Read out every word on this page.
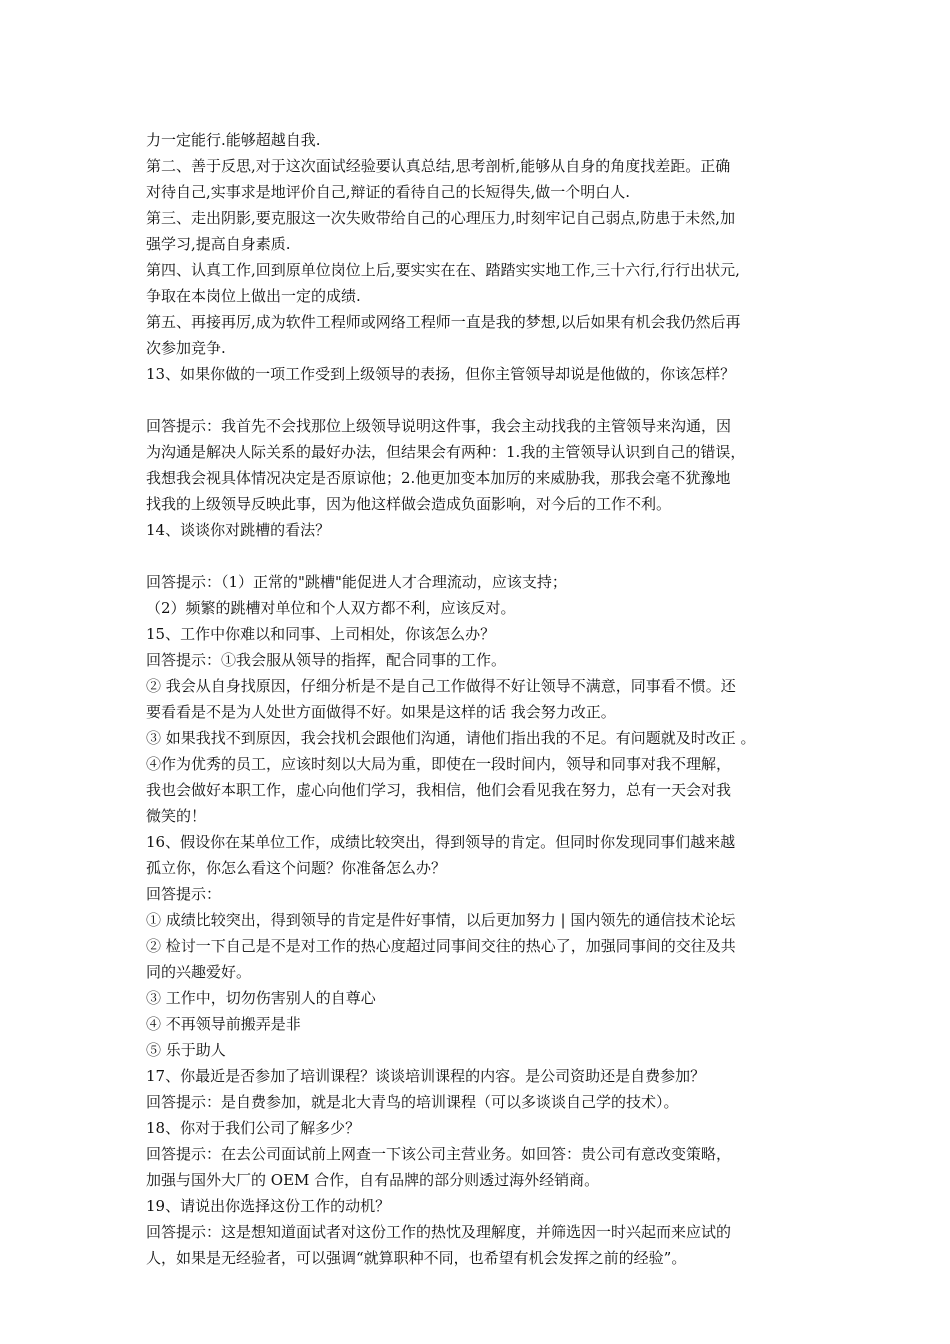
力一定能行.能够超越自我.
第二、善于反思,对于这次面试经验要认真总结,思考剖析,能够从自身的角度找差距。正确
对待自己,实事求是地评价自己,辩证的看待自己的长短得失,做一个明白人.
第三、走出阴影,要克服这一次失败带给自己的心理压力,时刻牢记自己弱点,防患于未然,加
强学习,提高自身素质.
第四、认真工作,回到原单位岗位上后,要实实在在、踏踏实实地工作,三十六行,行行出状元,
争取在本岗位上做出一定的成绩.
第五、再接再厉,成为软件工程师或网络工程师一直是我的梦想,以后如果有机会我仍然后再
次参加竞争.
13、如果你做的一项工作受到上级领导的表扬，但你主管领导却说是他做的，你该怎样？
回答提示：我首先不会找那位上级领导说明这件事，我会主动找我的主管领导来沟通，因
为沟通是解决人际关系的最好办法，但结果会有两种：1.我的主管领导认识到自己的错误，
我想我会视具体情况决定是否原谅他；2.他更加变本加厉的来威胁我，那我会毫不犹豫地
找我的上级领导反映此事，因为他这样做会造成负面影响，对今后的工作不利。
14、谈谈你对跳槽的看法？
回答提示：（1）正常的"跳槽"能促进人才合理流动，应该支持；
（2）频繁的跳槽对单位和个人双方都不利，应该反对。
15、工作中你难以和同事、上司相处，你该怎么办？
回答提示：①我会服从领导的指挥，配合同事的工作。
② 我会从自身找原因，仔细分析是不是自己工作做得不好让领导不满意，同事看不惯。还
要看看是不是为人处世方面做得不好。如果是这样的话 我会努力改正。
③ 如果我找不到原因，我会找机会跟他们沟通，请他们指出我的不足。有问题就及时改正 。
④作为优秀的员工，应该时刻以大局为重，即使在一段时间内，领导和同事对我不理解，
我也会做好本职工作，虚心向他们学习，我相信，他们会看见我在努力，总有一天会对我
微笑的！
16、假设你在某单位工作，成绩比较突出，得到领导的肯定。但同时你发现同事们越来越
孤立你，你怎么看这个问题？你准备怎么办？
回答提示：
① 成绩比较突出，得到领导的肯定是件好事情，以后更加努力 | 国内领先的通信技术论坛
② 检讨一下自己是不是对工作的热心度超过同事间交往的热心了，加强同事间的交往及共
同的兴趣爱好。
③ 工作中，切勿伤害别人的自尊心
④ 不再领导前搬弄是非
⑤ 乐于助人
17、你最近是否参加了培训课程？谈谈培训课程的内容。是公司资助还是自费参加？
回答提示：是自费参加，就是北大青鸟的培训课程（可以多谈谈自己学的技术）。
18、你对于我们公司了解多少？
回答提示：在去公司面试前上网查一下该公司主营业务。如回答：贵公司有意改变策略，
加强与国外大厂的 OEM 合作，自有品牌的部分则透过海外经销商。
19、请说出你选择这份工作的动机？
回答提示：这是想知道面试者对这份工作的热忱及理解度，并筛选因一时兴起而来应试的
人，如果是无经验者，可以强调“就算职种不同，也希望有机会发挥之前的经验”。
